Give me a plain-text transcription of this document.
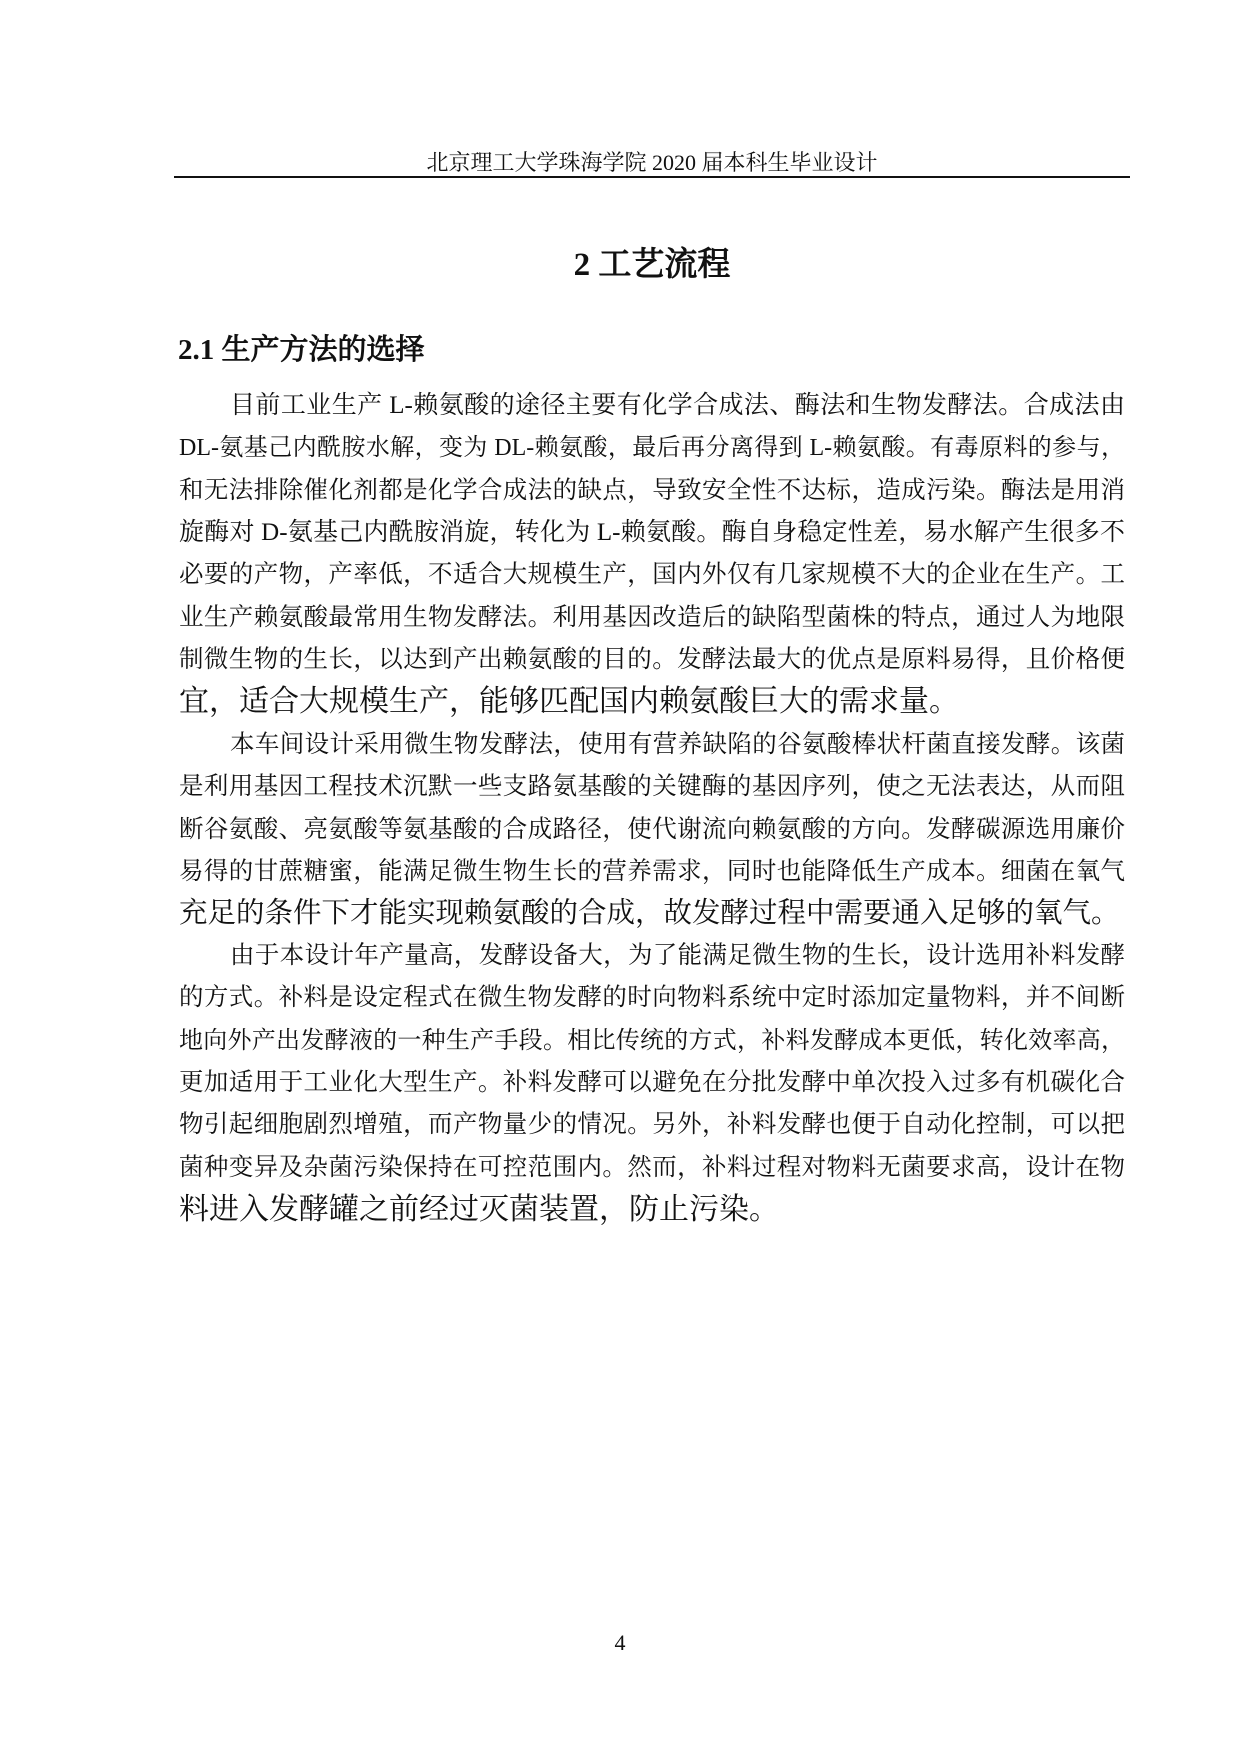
北京理工大学珠海学院 2020 届本科生毕业设计
2 工艺流程
2.1 生产方法的选择
目前工业生产 L-赖氨酸的途径主要有化学合成法、酶法和生物发酵法。合成法由
DL-氨基己内酰胺水解，变为 DL-赖氨酸，最后再分离得到 L-赖氨酸。有毒原料的参与，
和无法排除催化剂都是化学合成法的缺点，导致安全性不达标，造成污染。酶法是用消
旋酶对 D-氨基己内酰胺消旋，转化为 L-赖氨酸。酶自身稳定性差，易水解产生很多不
必要的产物，产率低，不适合大规模生产，国内外仅有几家规模不大的企业在生产。工
业生产赖氨酸最常用生物发酵法。利用基因改造后的缺陷型菌株的特点，通过人为地限
制微生物的生长，以达到产出赖氨酸的目的。发酵法最大的优点是原料易得，且价格便
宜，适合大规模生产，能够匹配国内赖氨酸巨大的需求量。
本车间设计采用微生物发酵法，使用有营养缺陷的谷氨酸棒状杆菌直接发酵。该菌
是利用基因工程技术沉默一些支路氨基酸的关键酶的基因序列，使之无法表达，从而阻
断谷氨酸、亮氨酸等氨基酸的合成路径，使代谢流向赖氨酸的方向。发酵碳源选用廉价
易得的甘蔗糖蜜，能满足微生物生长的营养需求，同时也能降低生产成本。细菌在氧气
充足的条件下才能实现赖氨酸的合成，故发酵过程中需要通入足够的氧气。
由于本设计年产量高，发酵设备大，为了能满足微生物的生长，设计选用补料发酵
的方式。补料是设定程式在微生物发酵的时向物料系统中定时添加定量物料，并不间断
地向外产出发酵液的一种生产手段。相比传统的方式，补料发酵成本更低，转化效率高，
更加适用于工业化大型生产。补料发酵可以避免在分批发酵中单次投入过多有机碳化合
物引起细胞剧烈增殖，而产物量少的情况。另外，补料发酵也便于自动化控制，可以把
菌种变异及杂菌污染保持在可控范围内。然而，补料过程对物料无菌要求高，设计在物
料进入发酵罐之前经过灭菌装置，防止污染。
4
